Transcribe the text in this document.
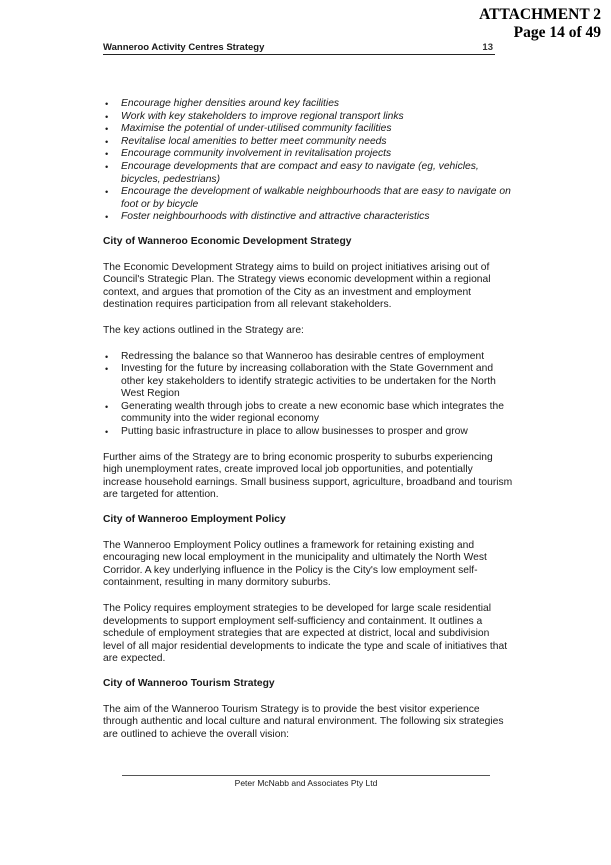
ATTACHMENT 2
Page 14 of 49
Wanneroo Activity Centres Strategy	13
• Encourage higher densities around key facilities
• Work with key stakeholders to improve regional transport links
• Maximise the potential of under-utilised community facilities
• Revitalise local amenities to better meet community needs
• Encourage community involvement in revitalisation projects
• Encourage developments that are compact and easy to navigate (eg, vehicles, bicycles, pedestrians)
• Encourage the development of walkable neighbourhoods that are easy to navigate on foot or by bicycle
• Foster neighbourhoods with distinctive and attractive characteristics

City of Wanneroo Economic Development Strategy

The Economic Development Strategy aims to build on project initiatives arising out of Council's Strategic Plan. The Strategy views economic development within a regional context, and argues that promotion of the City as an investment and employment destination requires participation from all relevant stakeholders.

The key actions outlined in the Strategy are:

• Redressing the balance so that Wanneroo has desirable centres of employment
• Investing for the future by increasing collaboration with the State Government and other key stakeholders to identify strategic activities to be undertaken for the North West Region
• Generating wealth through jobs to create a new economic base which integrates the community into the wider regional economy
• Putting basic infrastructure in place to allow businesses to prosper and grow

Further aims of the Strategy are to bring economic prosperity to suburbs experiencing high unemployment rates, create improved local job opportunities, and potentially increase household earnings. Small business support, agriculture, broadband and tourism are targeted for attention.

City of Wanneroo Employment Policy

The Wanneroo Employment Policy outlines a framework for retaining existing and encouraging new local employment in the municipality and ultimately the North West Corridor. A key underlying influence in the Policy is the City's low employment self-containment, resulting in many dormitory suburbs.

The Policy requires employment strategies to be developed for large scale residential developments to support employment self-sufficiency and containment. It outlines a schedule of employment strategies that are expected at district, local and subdivision level of all major residential developments to indicate the type and scale of initiatives that are expected.

City of Wanneroo Tourism Strategy

The aim of the Wanneroo Tourism Strategy is to provide the best visitor experience through authentic and local culture and natural environment. The following six strategies are outlined to achieve the overall vision:

Peter McNabb and Associates Pty Ltd
